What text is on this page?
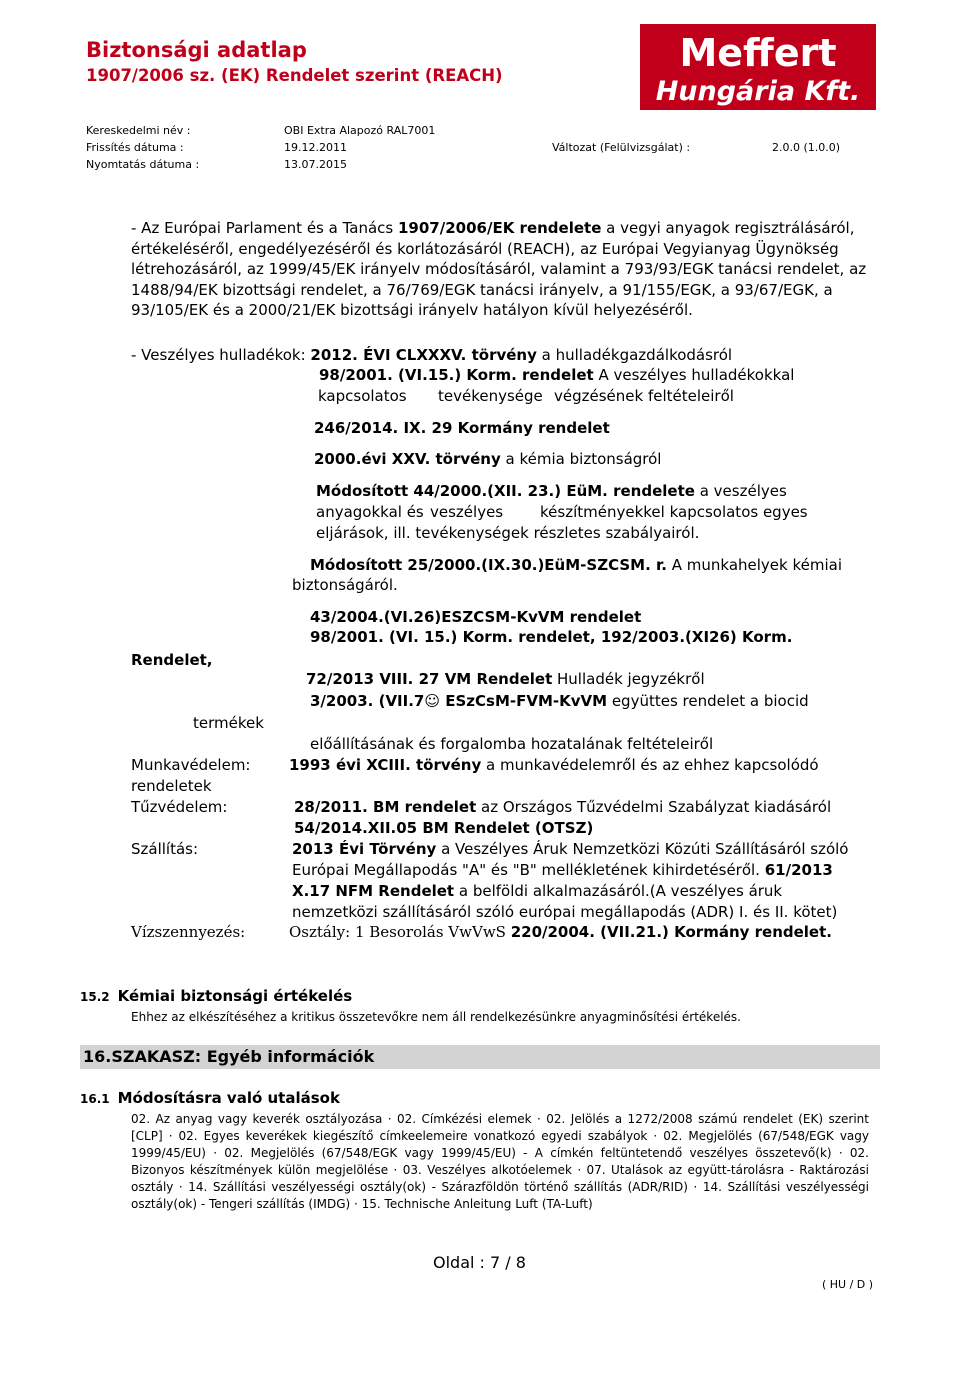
Biztonsági adatlap
1907/2006 sz. (EK) Rendelet szerint (REACH)
Meffert
Hungária Kft.
Kereskedelmi név :	OBI Extra Alapozó RAL7001
Frissítés dátuma :	19.12.2011	Változat (Felülvizsgálat) :	2.0.0 (1.0.0)
Nyomtatás dátuma :	13.07.2015
- Az Európai Parlament és a Tanács 1907/2006/EK rendelete a vegyi anyagok regisztrálásáról, értékeléséről, engedélyezéséről és korlátozásáról (REACH), az Európai Vegyianyag Ügynökség létrehozásáról, az 1999/45/EK irányelv módosításáról, valamint a 793/93/EGK tanácsi rendelet, az 1488/94/EK bizottsági rendelet, a 76/769/EGK tanácsi irányelv, a 91/155/EGK, a 93/67/EGK, a 93/105/EK és a 2000/21/EK bizottsági irányelv hatályon kívül helyezéséről.
- Veszélyes hulladékok: 2012. ÉVI CLXXXV. törvény a hulladékgazdálkodásról
98/2001. (VI.15.) Korm. rendelet A veszélyes hulladékokkal
kapcsolatos tevékenysége végzésének feltételeiről
246/2014. IX. 29 Kormány rendelet
2000.évi XXV. törvény a kémia biztonságról
Módosított 44/2000.(XII. 23.) EüM. rendelete a veszélyes
anyagokkal és veszélyes készítményekkel kapcsolatos egyes
eljárások, ill. tevékenységek részletes szabályairól.
Módosított 25/2000.(IX.30.)EüM-SZCSM. r. A munkahelyek kémiai
biztonságáról.
43/2004.(VI.26)ESZCSM-KvVM rendelet
98/2001. (VI. 15.) Korm. rendelet, 192/2003.(XI26) Korm.
Rendelet,
72/2013 VIII. 27 VM Rendelet Hulladék jegyzékről
3/2003. (VII.7☺ ESzCsM-FVM-KvVM együttes rendelet a biocid
termékek
előállításának és forgalomba hozatalának feltételeiről
Munkavédelem:	1993 évi XCIII. törvény a munkavédelemről és az ehhez kapcsolódó
rendeletek
Tűzvédelem:	28/2011. BM rendelet az Országos Tűzvédelmi Szabályzat kiadásáról
54/2014.XII.05 BM Rendelet (OTSZ)
Szállítás:	2013 Évi Törvény a Veszélyes Áruk Nemzetközi Közúti Szállításáról szóló
Európai Megállapodás "A" és "B" mellékletének kihirdetéséről. 61/2013
X.17 NFM Rendelet a belföldi alkalmazásáról.(A veszélyes áruk
nemzetközi szállításáról szóló európai megállapodás (ADR) I. és II. kötet)
Vízszennyezés:	Osztály: 1 Besorolás VwVwS 220/2004. (VII.21.) Kormány rendelet.
15.2 Kémiai biztonsági értékelés
Ehhez az elkészítéséhez a kritikus összetevőkre nem áll rendelkezésünkre anyagminősítési értékelés.
16.SZAKASZ: Egyéb információk
16.1 Módosításra való utalások
02. Az anyag vagy keverék osztályozása · 02. Címkézési elemek · 02. Jelölés a 1272/2008 számú rendelet (EK) szerint [CLP] · 02. Egyes keverékek kiegészítő címkeelemeire vonatkozó egyedi szabályok · 02. Megjelölés (67/548/EGK vagy 1999/45/EU) · 02. Megjelölés (67/548/EGK vagy 1999/45/EU) - A címkén feltüntetendő veszélyes összetevő(k) · 02. Bizonyos készítmények külön megjelölése · 03. Veszélyes alkotóelemek · 07. Utalások az együtt-tárolásra - Raktározási osztály · 14. Szállítási veszélyességi osztály(ok) - Szárazföldön történő szállítás (ADR/RID) · 14. Szállítási veszélyességi osztály(ok) - Tengeri szállítás (IMDG) · 15. Technische Anleitung Luft (TA-Luft)
Oldal : 7 / 8
( HU / D )
